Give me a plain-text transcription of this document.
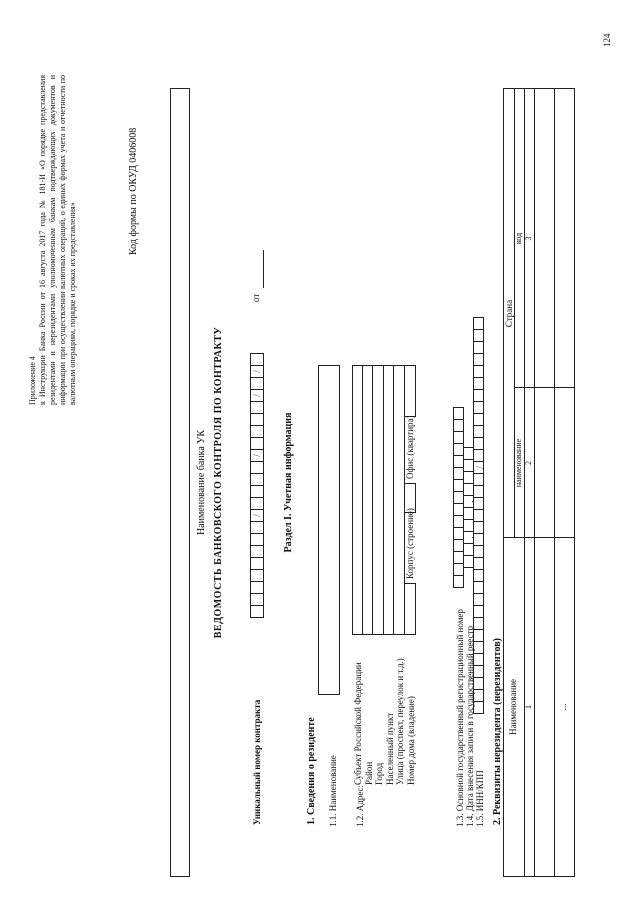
Приложение 4 к Инструкции Банка России от 16 августа 2017 года № 181-И «О порядке представления резидентами и нерезидентами уполномоченным банкам подтверждающих документов и информации при осуществлении валютных операций, о единых формах учета и отчетности по валютным операциям, порядке и сроках их представления»
Код формы по ОКУД 0406008
124
Наименование банка УК ВЕДОМОСТЬ БАНКОВСКОГО КОНТРОЛЯ ПО КОНТРАКТУ
Уникальный номер контракта
/
/
/
/
от
Раздел I. Учетная информация
1. Сведения о резиденте 1.1. Наименование 1.2. Адрес:
Субъект Российской Федерации Район Город Населенный пункт Улица (проспект, переулок и т.д.) Номер дома (владение)
Корпус (строение)
Офис (квартира)
1.3. Основной государственный регистрационный номер 1.4. Дата внесения записи в государственный реестр 1.5. ИНН/КПП
.
.
/
2. Реквизиты нерезидента (нерезидентов) Наименование
Страна
наименование
код
1
2
3
...
